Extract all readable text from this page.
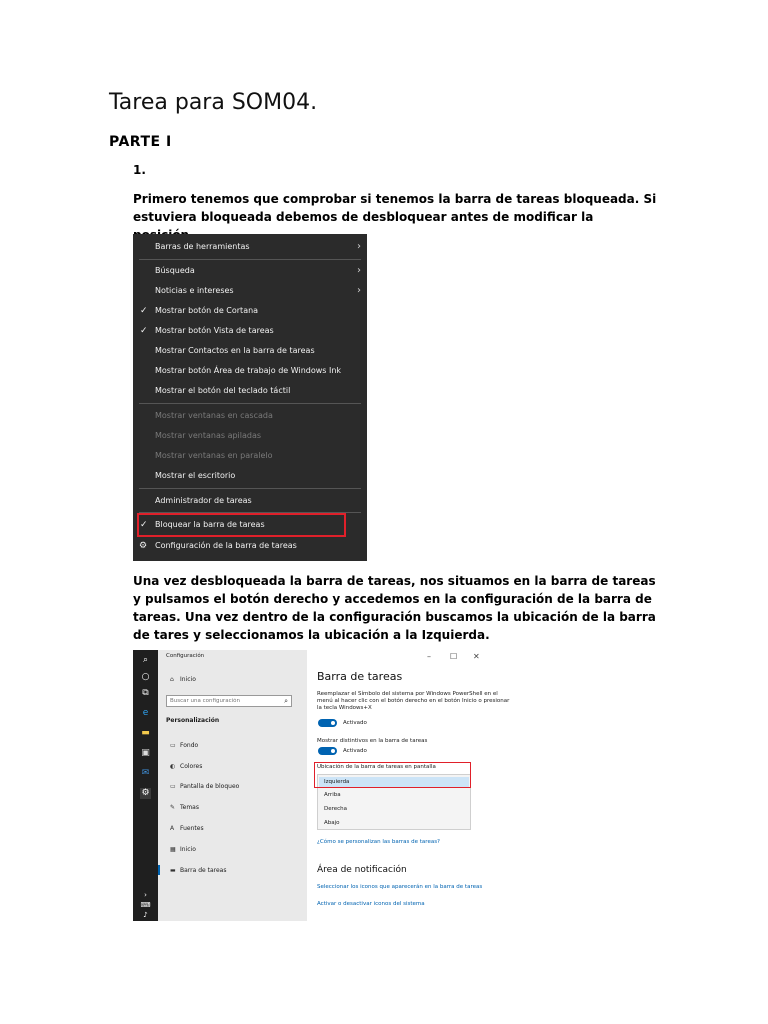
Tarea para SOM04.
PARTE I
1.
Primero tenemos que comprobar si tenemos la barra de tareas bloqueada. Si estuviera bloqueada debemos de desbloquear antes de modificar la
Barras de herramientas	›
Búsqueda	›
Noticias e intereses	›
✓ Mostrar botón de Cortana
✓ Mostrar botón Vista de tareas
Mostrar Contactos en la barra de tareas
Mostrar botón Área de trabajo de Windows Ink
Mostrar el botón del teclado táctil
Mostrar ventanas en cascada
Mostrar ventanas apiladas
Mostrar ventanas en paralelo
Mostrar el escritorio
Administrador de tareas
✓ Bloquear la barra de tareas
⚙ Configuración de la barra de tareas
Una vez desbloqueada la barra de tareas, nos situamos en la barra de tareas y pulsamos el botón derecho y accedemos en la configuración de la barra de tareas. Una vez dentro de la configuración buscamos la ubicación de la barra de tares y seleccionamos la ubicación a la Izquierda.
⌕
○
⧉
e
▬
▣
✉
⚙
›
⌨
♪
Configuración
⌂ Inicio
Buscar una configuración
⌕
Personalización
▭ Fondo
◐ Colores
▭ Pantalla de bloqueo
✎ Temas
A Fuentes
▦ Inicio
▬ Barra de tareas
– ☐ ✕
Barra de tareas
Reemplazar el Símbolo del sistema por Windows PowerShell en el menú al hacer clic con el botón derecho en el botón Inicio o presionar la tecla Windows+X
Activado
Mostrar distintivos en la barra de tareas
Activado
Ubicación de la barra de tareas en pantalla
Izquierda
Arriba
Derecha
Abajo
¿Cómo se personalizan las barras de tareas?
Área de notificación
Seleccionar los iconos que aparecerán en la barra de tareas
Activar o desactivar iconos del sistema
